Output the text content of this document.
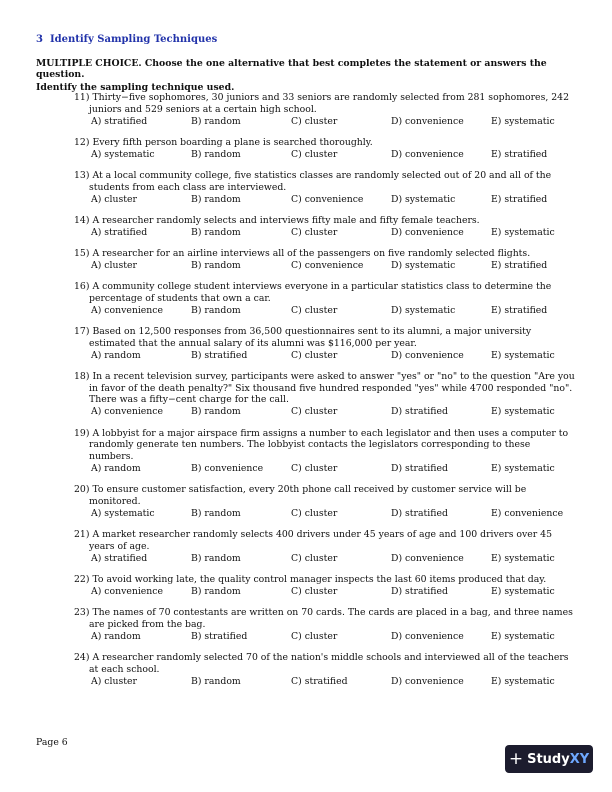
3 Identify Sampling Techniques
MULTIPLE CHOICE. Choose the one alternative that best completes the statement or answers the question.
Identify the sampling technique used.
11) Thirty−five sophomores, 30 juniors and 33 seniors are randomly selected from 281 sophomores, 242 juniors and 529 seniors at a certain high school.
A) stratified	B) random	C) cluster	D) convenience	E) systematic
12) Every fifth person boarding a plane is searched thoroughly.
A) systematic	B) random	C) cluster	D) convenience	E) stratified
13) At a local community college, five statistics classes are randomly selected out of 20 and all of the students from each class are interviewed.
A) cluster	B) random	C) convenience	D) systematic	E) stratified
14) A researcher randomly selects and interviews fifty male and fifty female teachers.
A) stratified	B) random	C) cluster	D) convenience	E) systematic
15) A researcher for an airline interviews all of the passengers on five randomly selected flights.
A) cluster	B) random	C) convenience	D) systematic	E) stratified
16) A community college student interviews everyone in a particular statistics class to determine the percentage of students that own a car.
A) convenience	B) random	C) cluster	D) systematic	E) stratified
17) Based on 12,500 responses from 36,500 questionnaires sent to its alumni, a major university estimated that the annual salary of its alumni was $116,000 per year.
A) random	B) stratified	C) cluster	D) convenience	E) systematic
18) In a recent television survey, participants were asked to answer "yes" or "no" to the question "Are you in favor of the death penalty?" Six thousand five hundred responded "yes" while 4700 responded "no". There was a fifty−cent charge for the call.
A) convenience	B) random	C) cluster	D) stratified	E) systematic
19) A lobbyist for a major airspace firm assigns a number to each legislator and then uses a computer to randomly generate ten numbers. The lobbyist contacts the legislators corresponding to these numbers.
A) random	B) convenience	C) cluster	D) stratified	E) systematic
20) To ensure customer satisfaction, every 20th phone call received by customer service will be monitored.
A) systematic	B) random	C) cluster	D) stratified	E) convenience
21) A market researcher randomly selects 400 drivers under 45 years of age and 100 drivers over 45 years of age.
A) stratified	B) random	C) cluster	D) convenience	E) systematic
22) To avoid working late, the quality control manager inspects the last 60 items produced that day.
A) convenience	B) random	C) cluster	D) stratified	E) systematic
23) The names of 70 contestants are written on 70 cards. The cards are placed in a bag, and three names are picked from the bag.
A) random	B) stratified	C) cluster	D) convenience	E) systematic
24) A researcher randomly selected 70 of the nation's middle schools and interviewed all of the teachers at each school.
A) cluster	B) random	C) stratified	D) convenience	E) systematic
Page 6
+ Study XY
